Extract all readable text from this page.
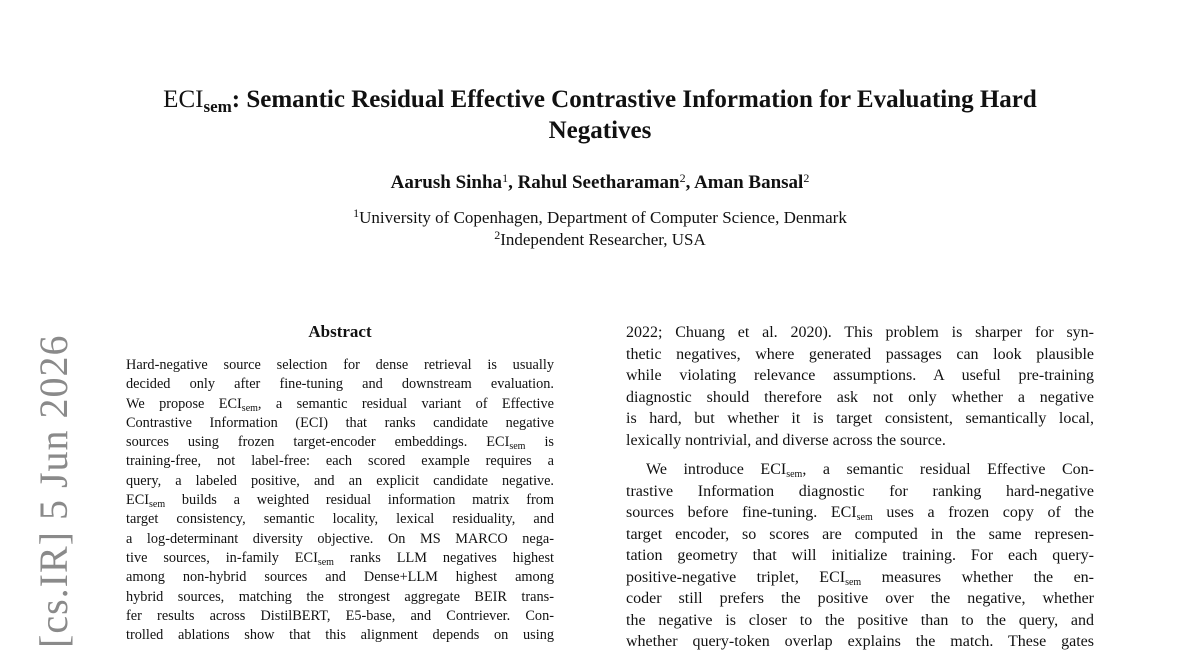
$ECI_{sem}$: Semantic Residual Effective Contrastive Information for Evaluating Hard
Negatives
Aarush Sinha$^1$, Rahul Seetharaman$^2$, Aman Bansal$^2$
$^1$University of Copenhagen, Department of Computer Science, Denmark
$^2$Independent Researcher, USA
[cs.IR] 5 Jun 2026
Abstract
Hard-negative source selection for dense retrieval is usually
decided only after fine-tuning and downstream evaluation.
We propose $ECI_{sem}$, a semantic residual variant of Effective
Contrastive Information (ECI) that ranks candidate negative
sources using frozen target-encoder embeddings. $ECI_{sem}$ is
training-free, not label-free: each scored example requires a
query, a labeled positive, and an explicit candidate negative.
$ECI_{sem}$ builds a weighted residual information matrix from
target consistency, semantic locality, lexical residuality, and
a log-determinant diversity objective. On MS MARCO nega-
tive sources, in-family $ECI_{sem}$ ranks LLM negatives highest
among non-hybrid sources and Dense+LLM highest among
hybrid sources, matching the strongest aggregate BEIR trans-
fer results across DistilBERT, E5-base, and Contriever. Con-
trolled ablations show that this alignment depends on using
2022; Chuang et al. 2020). This problem is sharper for syn-
thetic negatives, where generated passages can look plausible
while violating relevance assumptions. A useful pre-training
diagnostic should therefore ask not only whether a negative
is hard, but whether it is target consistent, semantically local,
lexically nontrivial, and diverse across the source.
We introduce $ECI_{sem}$, a semantic residual Effective Con-
trastive Information diagnostic for ranking hard-negative
sources before fine-tuning. $ECI_{sem}$ uses a frozen copy of the
target encoder, so scores are computed in the same represen-
tation geometry that will initialize training. For each query-
positive-negative triplet, $ECI_{sem}$ measures whether the en-
coder still prefers the positive over the negative, whether
the negative is closer to the positive than to the query, and
whether query-token overlap explains the match. These gates
